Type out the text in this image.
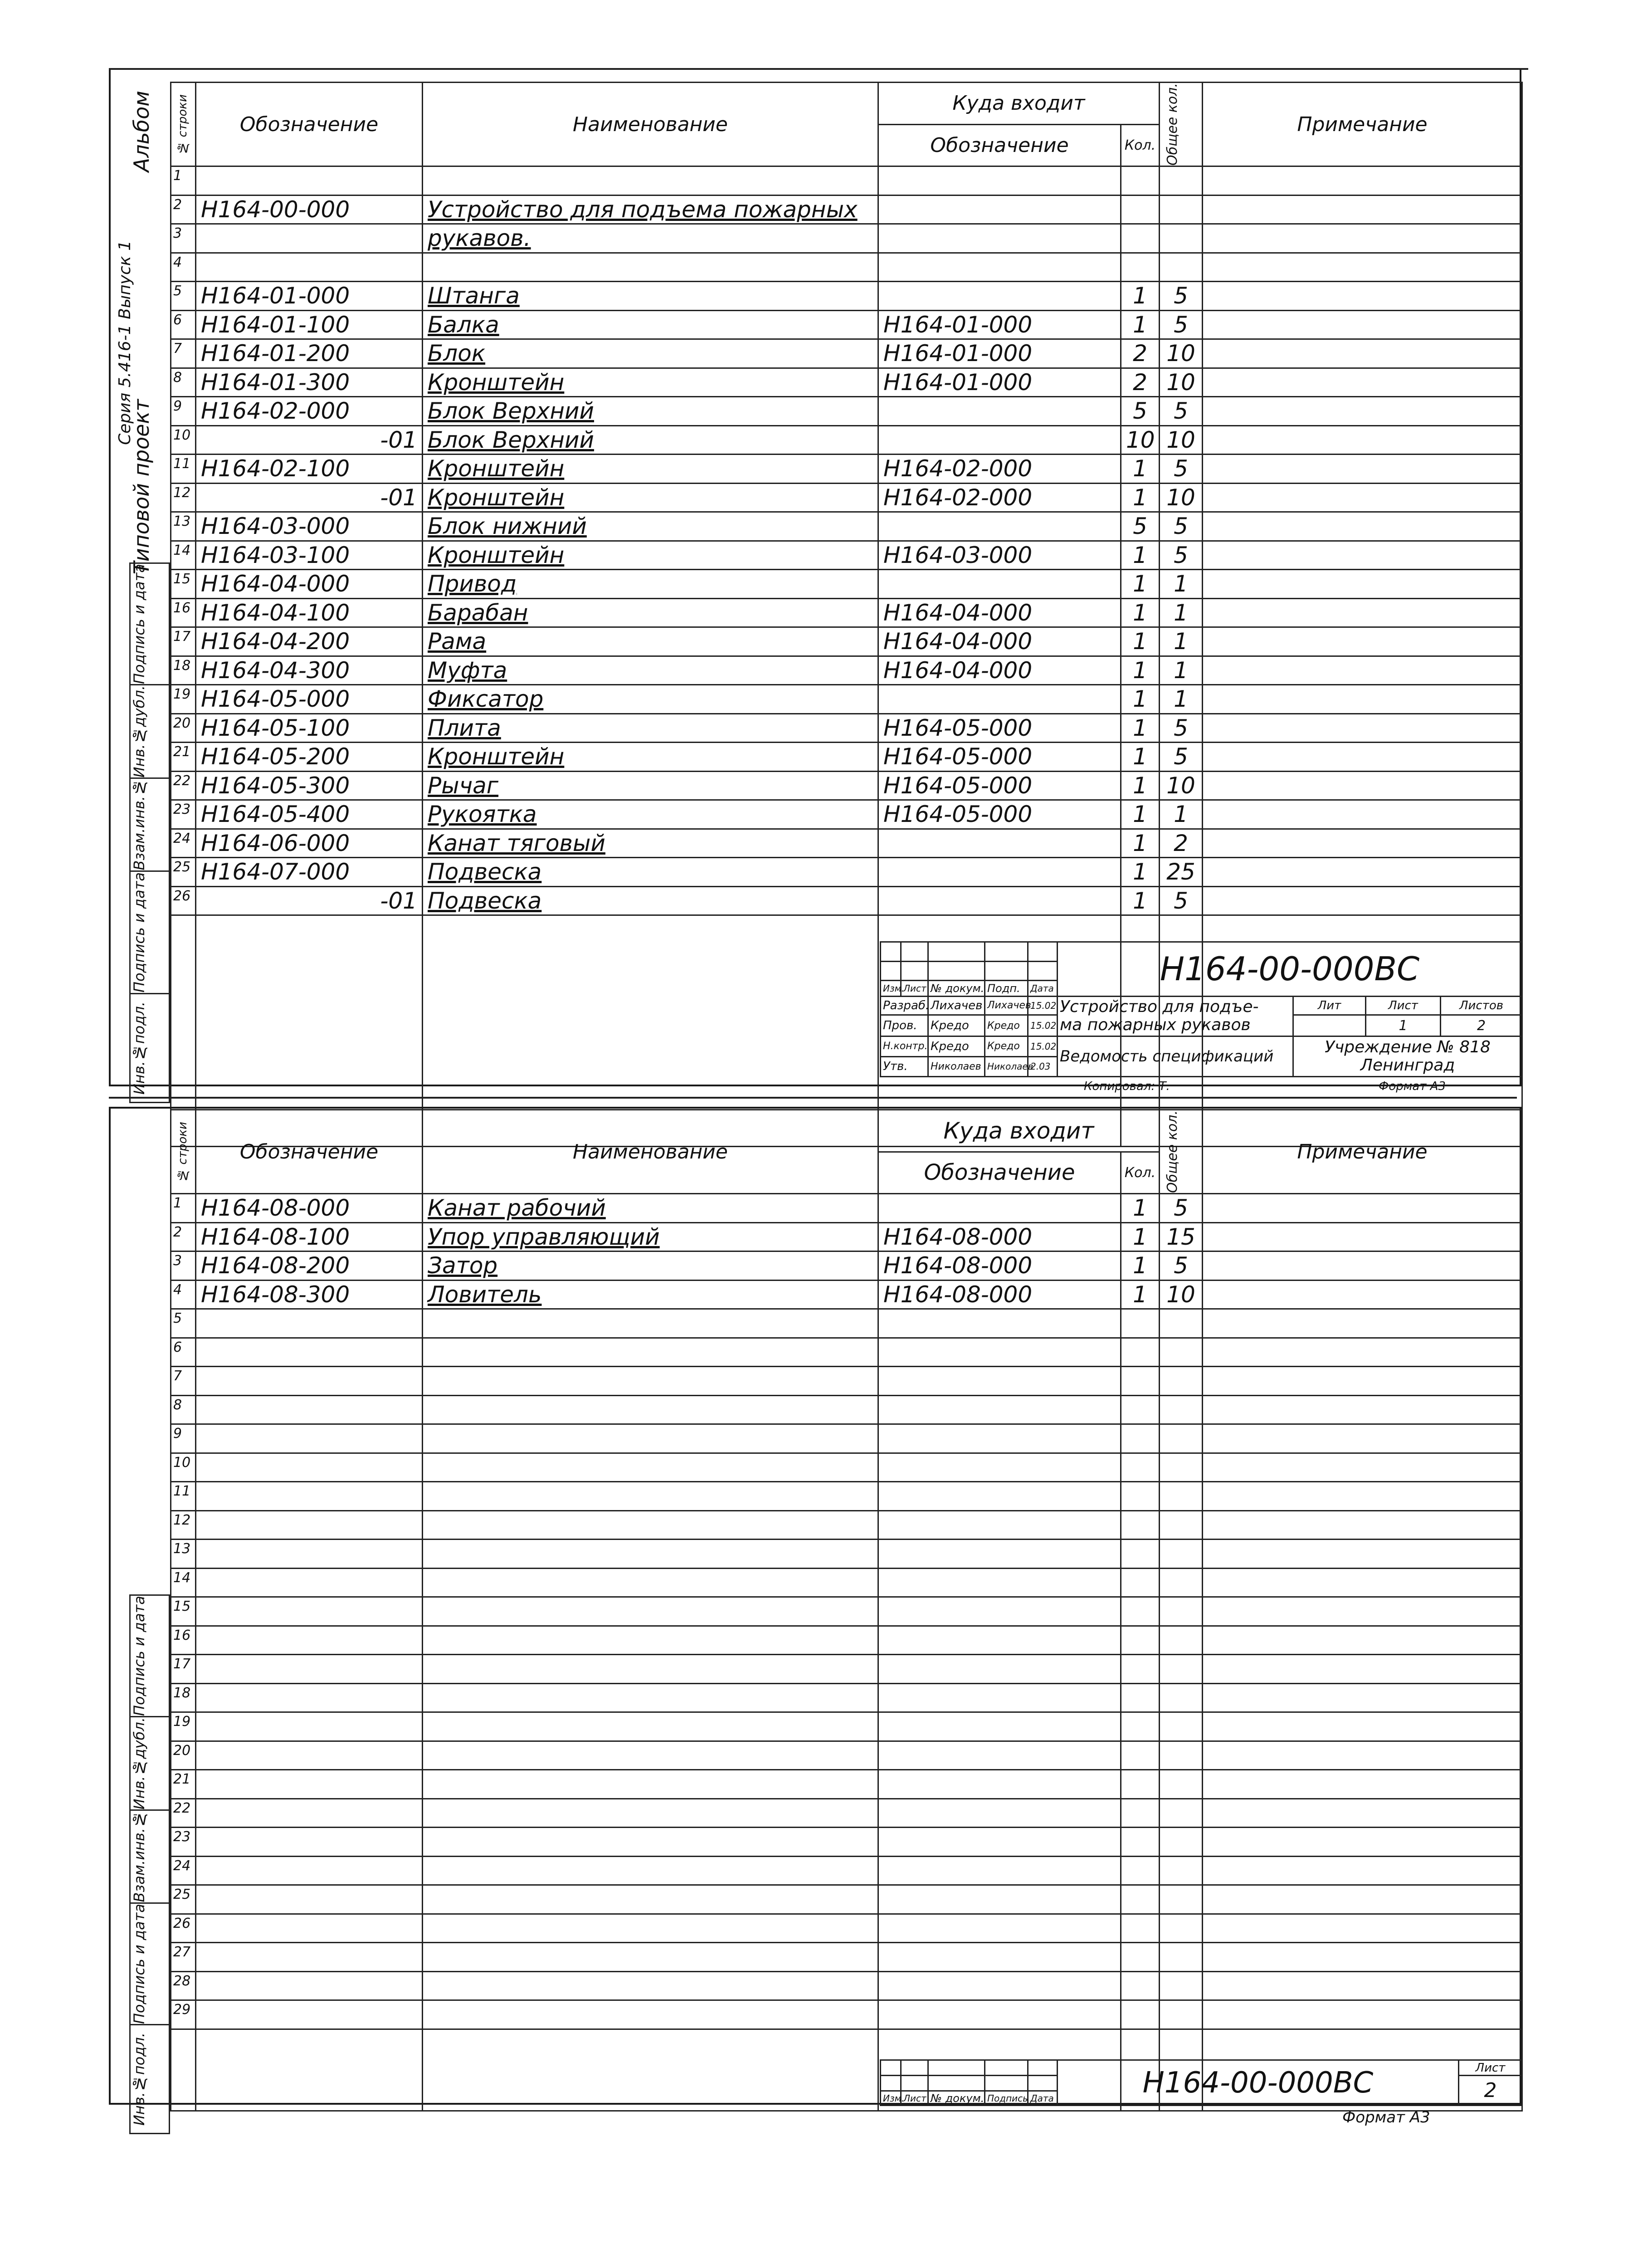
Альбом
Типовой проект
Серия 5.416-1 Выпуск 1
Подпись и дата

Инв.№дубл.

Взам.инв.№

Подпись и дата

Инв.№подл.
№ строки	Обозначение	Наименование	Куда входит		Общее кол.	Примечание
			Обозначение	Кол.		
1						
2	Н164-00-000	Устройство для подъема пожарных				
3		рукавов.				
4						
5	Н164-01-000	Штанга		1	5	
6	Н164-01-100	Балка	Н164-01-000	1	5	
7	Н164-01-200	Блок	Н164-01-000	2	10	
8	Н164-01-300	Кронштейн	Н164-01-000	2	10	
9	Н164-02-000	Блок Верхний		5	5	
10	-01	Блок Верхний		10	10	
11	Н164-02-100	Кронштейн	Н164-02-000	1	5	
12	-01	Кронштейн	Н164-02-000	1	10	
13	Н164-03-000	Блок нижний		5	5	
14	Н164-03-100	Кронштейн	Н164-03-000	1	5	
15	Н164-04-000	Привод		1	1	
16	Н164-04-100	Барабан	Н164-04-000	1	1	
17	Н164-04-200	Рама	Н164-04-000	1	1	
18	Н164-04-300	Муфта	Н164-04-000	1	1	
19	Н164-05-000	Фиксатор		1	1	
20	Н164-05-100	Плита	Н164-05-000	1	5	
21	Н164-05-200	Кронштейн	Н164-05-000	1	5	
22	Н164-05-300	Рычаг	Н164-05-000	1	10	
23	Н164-05-400	Рукоятка	Н164-05-000	1	1	
24	Н164-06-000	Канат тяговый		1	2	
25	Н164-07-000	Подвеска		1	25	
26	-01	Подвеска		1	5	

					Н164-00-000ВС			

Изм.	Лист	№ докум.	Подп.	Дата				
Разраб.		Лихачев	Лихачев	15.02	Устройство для подъе-
ма пожарных рукавов	Лит	Лист	Листов
Пров.		Кредо	Кредо	15.02			1	2
Н.контр.		Кредо	Кредо	15.02	Ведомость спецификаций	Учреждение № 818
Ленинград		

Утв.		Николаев	Николаев	2.03				
Копировал: Т.	Формат А3
Подпись и дата

Инв.№дубл.

Взам.инв.№

Подпись и дата

Инв.№подл.
№ строки	Обозначение	Наименование	Куда входит		Общее кол.	Примечание
			Обозначение	Кол.		
1	Н164-08-000	Канат рабочий		1	5	
2	Н164-08-100	Упор управляющий	Н164-08-000	1	15	
3	Н164-08-200	Затор	Н164-08-000	1	5	
4	Н164-08-300	Ловитель	Н164-08-000	1	10	
5						
6						
7						
8						
9						
10						
11						
12						
13						
14						
15						
16						
17						
18						
19						
20						
21						
22						
23						
24						
25						
26						
27						
28						
29						

					Н164-00-000ВС	Лист
						2
Изм.	Лист	№ докум.	Подпись	Дата		
Формат А3
